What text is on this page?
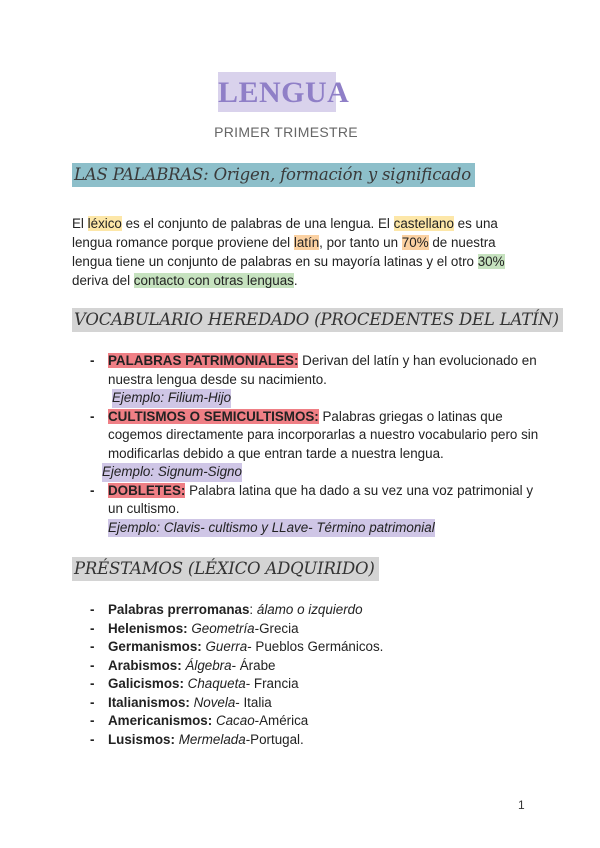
LENGUA
PRIMER TRIMESTRE
LAS PALABRAS: Origen, formación y significado
El léxico es el conjunto de palabras de una lengua. El castellano es una lengua romance porque proviene del latín, por tanto un 70% de nuestra lengua tiene un conjunto de palabras en su mayoría latinas y el otro 30% deriva del contacto con otras lenguas.
VOCABULARIO HEREDADO (PROCEDENTES DEL LATÍN)
- PALABRAS PATRIMONIALES: Derivan del latín y han evolucionado en nuestra lengua desde su nacimiento.
Ejemplo: Filium-Hijo
- CULTISMOS O SEMICULTISMOS: Palabras griegas o latinas que cogemos directamente para incorporarlas a nuestro vocabulario pero sin modificarlas debido a que entran tarde a nuestra lengua.
Ejemplo: Signum-Signo
- DOBLETES: Palabra latina que ha dado a su vez una voz patrimonial y un cultismo.
Ejemplo: Clavis- cultismo y LLave- Término patrimonial
PRÉSTAMOS (LÉXICO ADQUIRIDO)
- Palabras prerromanas: álamo o izquierdo
- Helenismos: Geometría-Grecia
- Germanismos: Guerra- Pueblos Germánicos.
- Arabismos: Álgebra- Árabe
- Galicismos: Chaqueta- Francia
- Italianismos: Novela- Italia
- Americanismos: Cacao-América
- Lusismos: Mermelada-Portugal.
1
